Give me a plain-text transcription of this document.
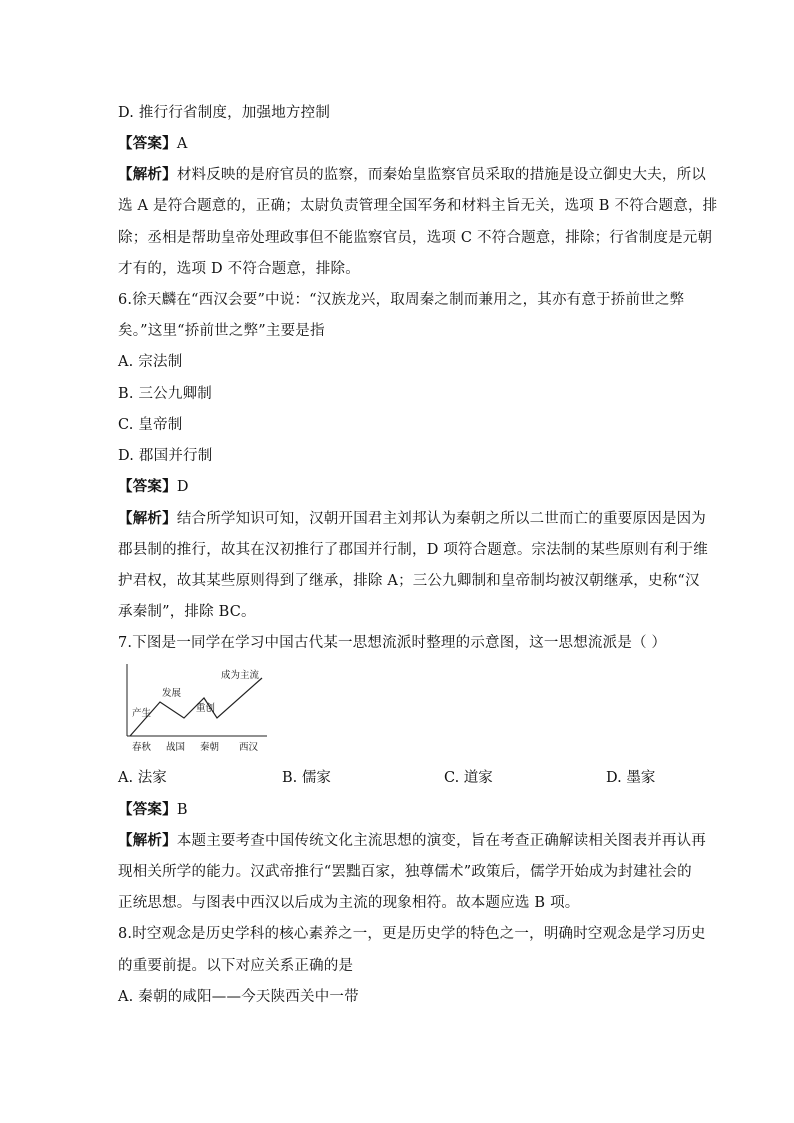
D. 推行行省制度，加强地方控制
【答案】A
【解析】材料反映的是府官员的监察，而秦始皇监察官员采取的措施是设立御史大夫，所以
选 A 是符合题意的，正确；太尉负责管理全国军务和材料主旨无关，选项 B 不符合题意，排
除；丞相是帮助皇帝处理政事但不能监察官员，选项 C 不符合题意，排除；行省制度是元朝
才有的，选项 D 不符合题意，排除。
6.徐天麟在“西汉会要”中说：“汉族龙兴，取周秦之制而兼用之，其亦有意于挢前世之弊
矣。”这里“挢前世之弊”主要是指
A. 宗法制
B. 三公九卿制
C. 皇帝制
D. 郡国并行制
【答案】D
【解析】结合所学知识可知，汉朝开国君主刘邦认为秦朝之所以二世而亡的重要原因是因为
郡县制的推行，故其在汉初推行了郡国并行制，D 项符合题意。宗法制的某些原则有利于维
护君权，故其某些原则得到了继承，排除 A；三公九卿制和皇帝制均被汉朝继承，史称“汉
承秦制”，排除 BC。
7.下图是一同学在学习中国古代某一思想流派时整理的示意图，这一思想流派是（ ）
产生
发展
重创
成为主流
春秋 战国 秦朝 西汉
A. 法家	B. 儒家	C. 道家	D. 墨家
【答案】B
【解析】本题主要考查中国传统文化主流思想的演变，旨在考查正确解读相关图表并再认再
现相关所学的能力。汉武帝推行“罢黜百家，独尊儒术”政策后，儒学开始成为封建社会的
正统思想。与图表中西汉以后成为主流的现象相符。故本题应选 B 项。
8.时空观念是历史学科的核心素养之一，更是历史学的特色之一，明确时空观念是学习历史
的重要前提。以下对应关系正确的是
A. 秦朝的咸阳——今天陕西关中一带
